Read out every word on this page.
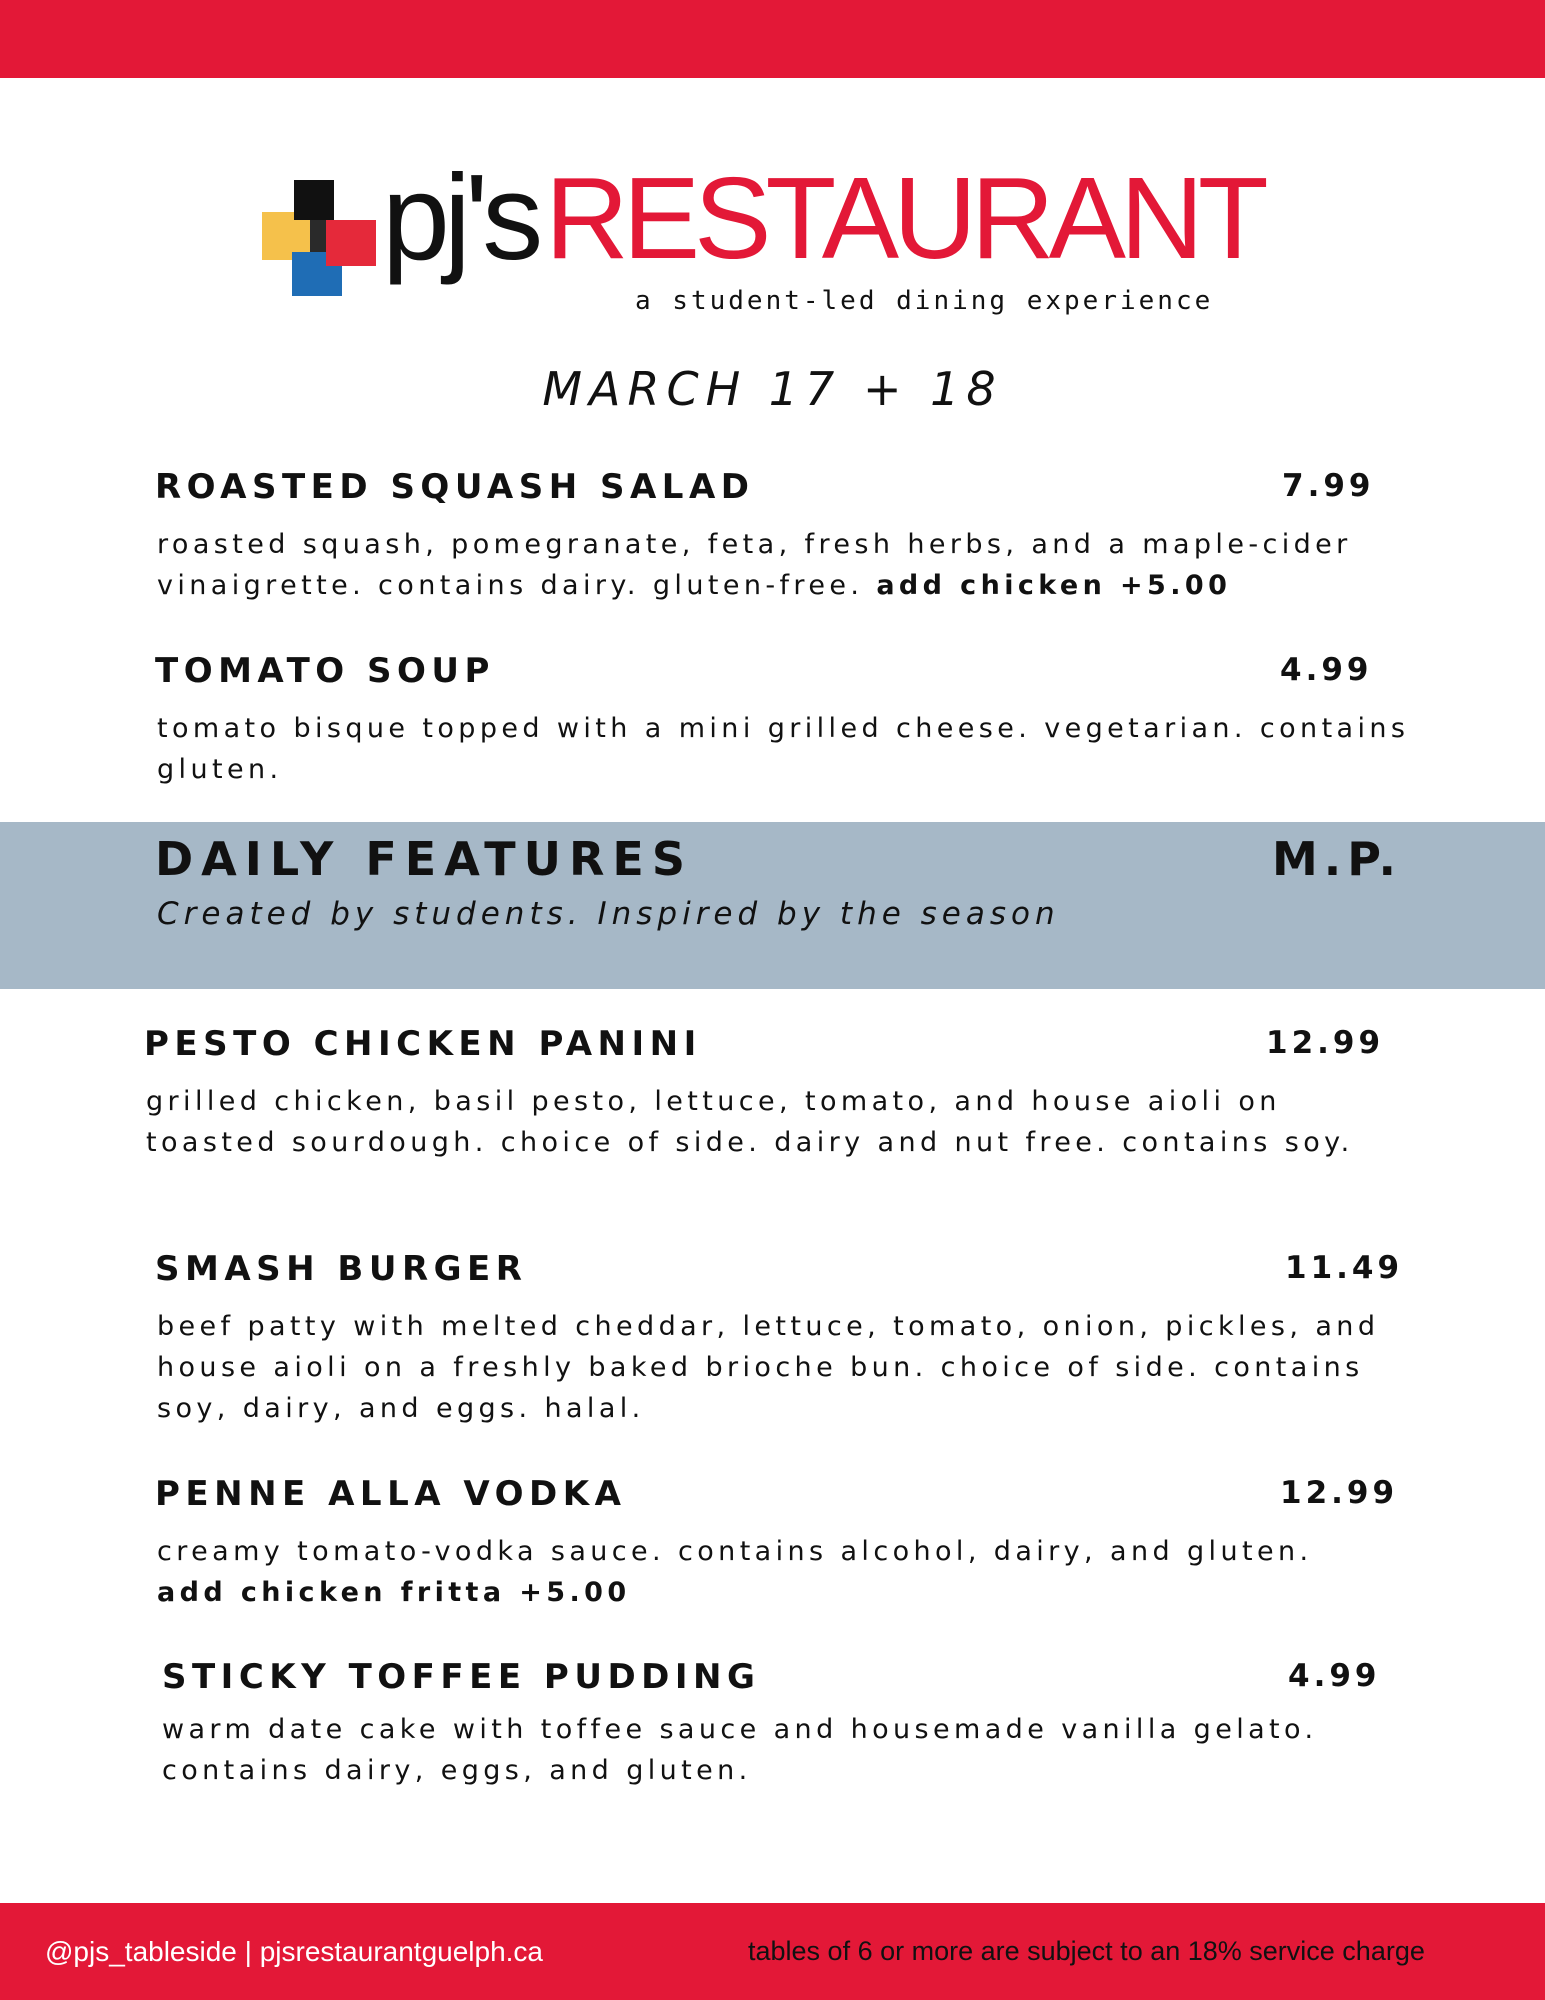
pj's RESTAURANT
a student-led dining experience
MARCH 17 + 18
ROASTED SQUASH SALAD	7.99
roasted squash, pomegranate, feta, fresh herbs, and a maple-cider vinaigrette. contains dairy. gluten-free. add chicken +5.00
TOMATO SOUP	4.99
tomato bisque topped with a mini grilled cheese. vegetarian. contains gluten.
DAILY FEATURES	M.P.
Created by students. Inspired by the season
PESTO CHICKEN PANINI	12.99
grilled chicken, basil pesto, lettuce, tomato, and house aioli on toasted sourdough. choice of side. dairy and nut free. contains soy.
SMASH BURGER	11.49
beef patty with melted cheddar, lettuce, tomato, onion, pickles, and house aioli on a freshly baked brioche bun. choice of side. contains soy, dairy, and eggs. halal.
PENNE ALLA VODKA	12.99
creamy tomato-vodka sauce. contains alcohol, dairy, and gluten.
add chicken fritta +5.00
STICKY TOFFEE PUDDING	4.99
warm date cake with toffee sauce and housemade vanilla gelato. contains dairy, eggs, and gluten.
@pjs_tableside | pjsrestaurantguelph.ca	tables of 6 or more are subject to an 18% service charge
